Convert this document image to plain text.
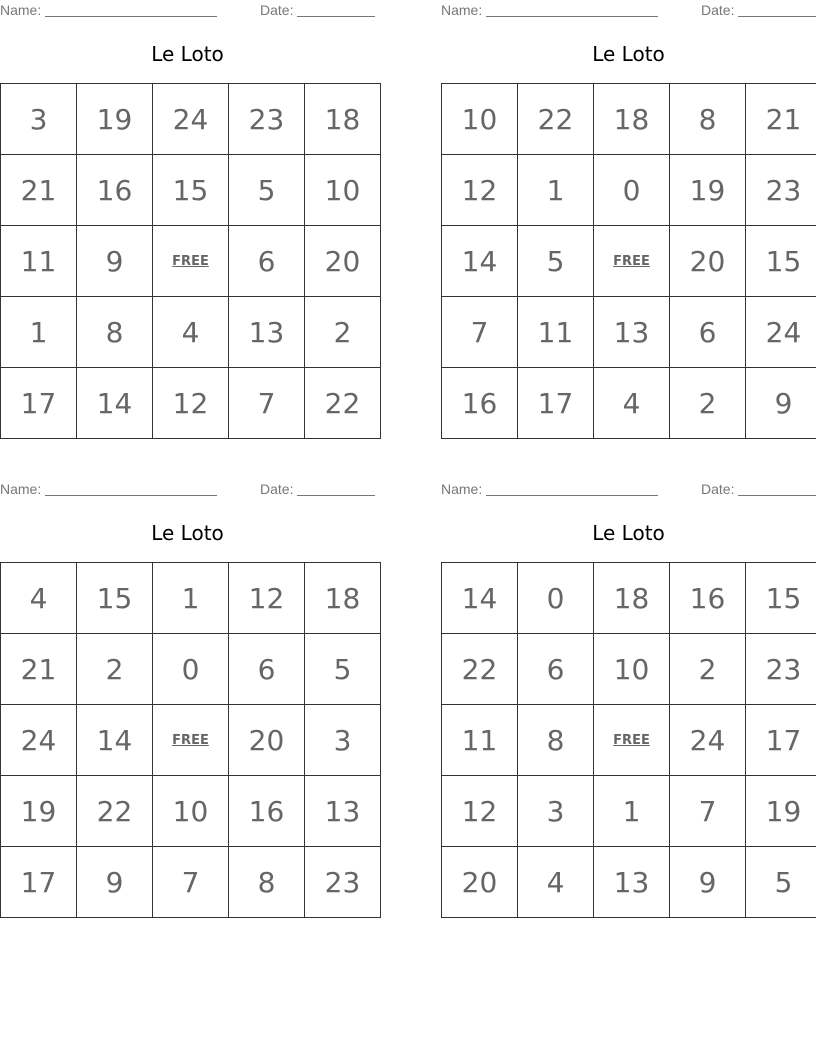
Name:	Date:
Le Loto
3	19	24	23	18
21	16	15	5	10
11	9	FREE	6	20
1	8	4	13	2
17	14	12	7	22
Name:	Date:
Le Loto
10	22	18	8	21
12	1	0	19	23
14	5	FREE	20	15
7	11	13	6	24
16	17	4	2	9
Name:	Date:
Le Loto
4	15	1	12	18
21	2	0	6	5
24	14	FREE	20	3
19	22	10	16	13
17	9	7	8	23
Name:	Date:
Le Loto
14	0	18	16	15
22	6	10	2	23
11	8	FREE	24	17
12	3	1	7	19
20	4	13	9	5
